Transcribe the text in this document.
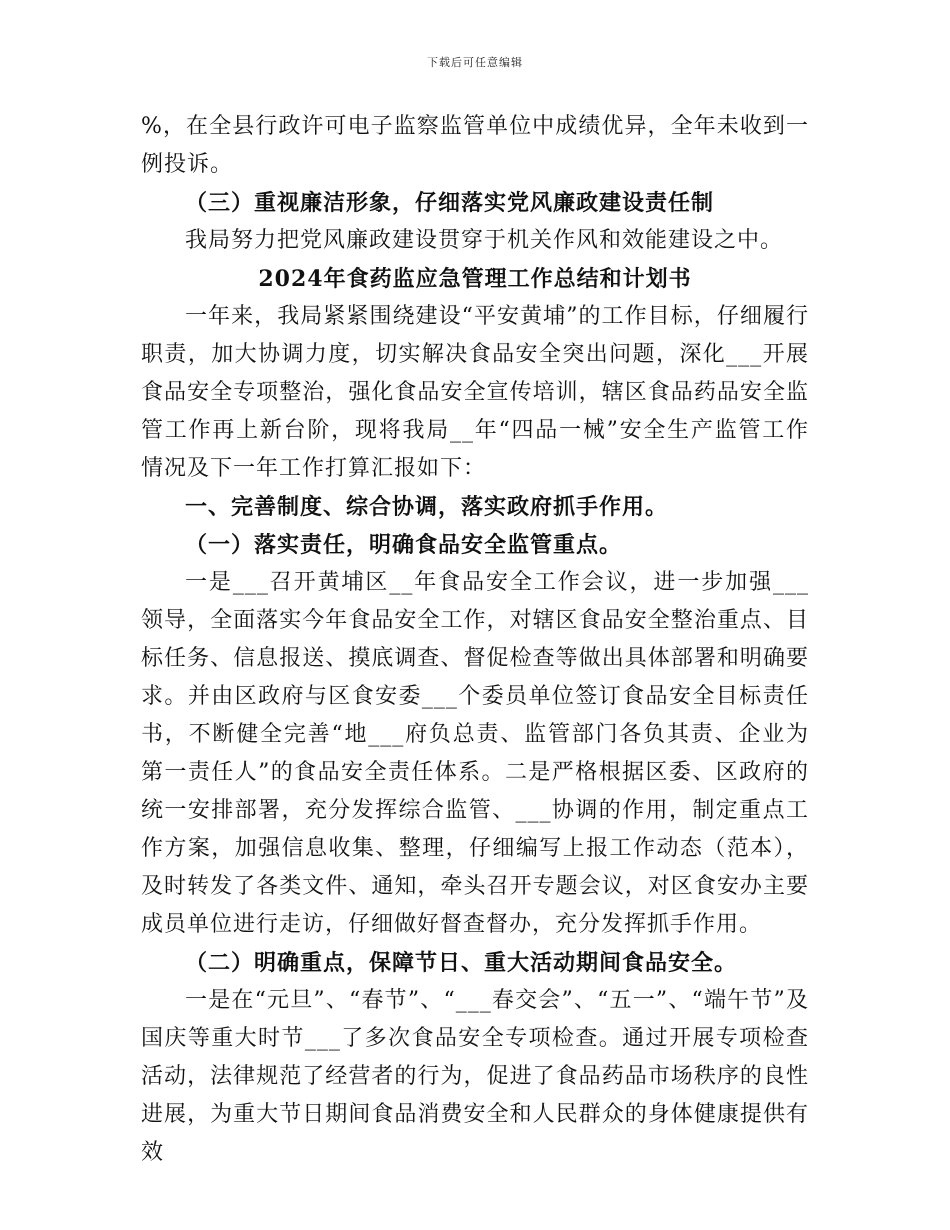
下载后可任意编辑

%，在全县行政许可电子监察监管单位中成绩优异，全年未收到一例投诉。

（三）重视廉洁形象，仔细落实党风廉政建设责任制

我局努力把党风廉政建设贯穿于机关作风和效能建设之中。

2024年食药监应急管理工作总结和计划书

一年来，我局紧紧围绕建设“平安黄埔”的工作目标，仔细履行职责，加大协调力度，切实解决食品安全突出问题，深化___开展食品安全专项整治，强化食品安全宣传培训，辖区食品药品安全监管工作再上新台阶，现将我局__年“四品一械”安全生产监管工作情况及下一年工作打算汇报如下：

一、完善制度、综合协调，落实政府抓手作用。

（一）落实责任，明确食品安全监管重点。

一是___召开黄埔区__年食品安全工作会议，进一步加强___领导，全面落实今年食品安全工作，对辖区食品安全整治重点、目标任务、信息报送、摸底调查、督促检查等做出具体部署和明确要求。并由区政府与区食安委___个委员单位签订食品安全目标责任书，不断健全完善“地___府负总责、监管部门各负其责、企业为第一责任人”的食品安全责任体系。二是严格根据区委、区政府的统一安排部署，充分发挥综合监管、___协调的作用，制定重点工作方案，加强信息收集、整理，仔细编写上报工作动态（范本），及时转发了各类文件、通知，牵头召开专题会议，对区食安办主要成员单位进行走访，仔细做好督查督办，充分发挥抓手作用。

（二）明确重点，保障节日、重大活动期间食品安全。

一是在“元旦”、“春节”、“___春交会”、“五一”、“端午节”及国庆等重大时节___了多次食品安全专项检查。通过开展专项检查活动，法律规范了经营者的行为，促进了食品药品市场秩序的良性进展，为重大节日期间食品消费安全和人民群众的身体健康提供有效
